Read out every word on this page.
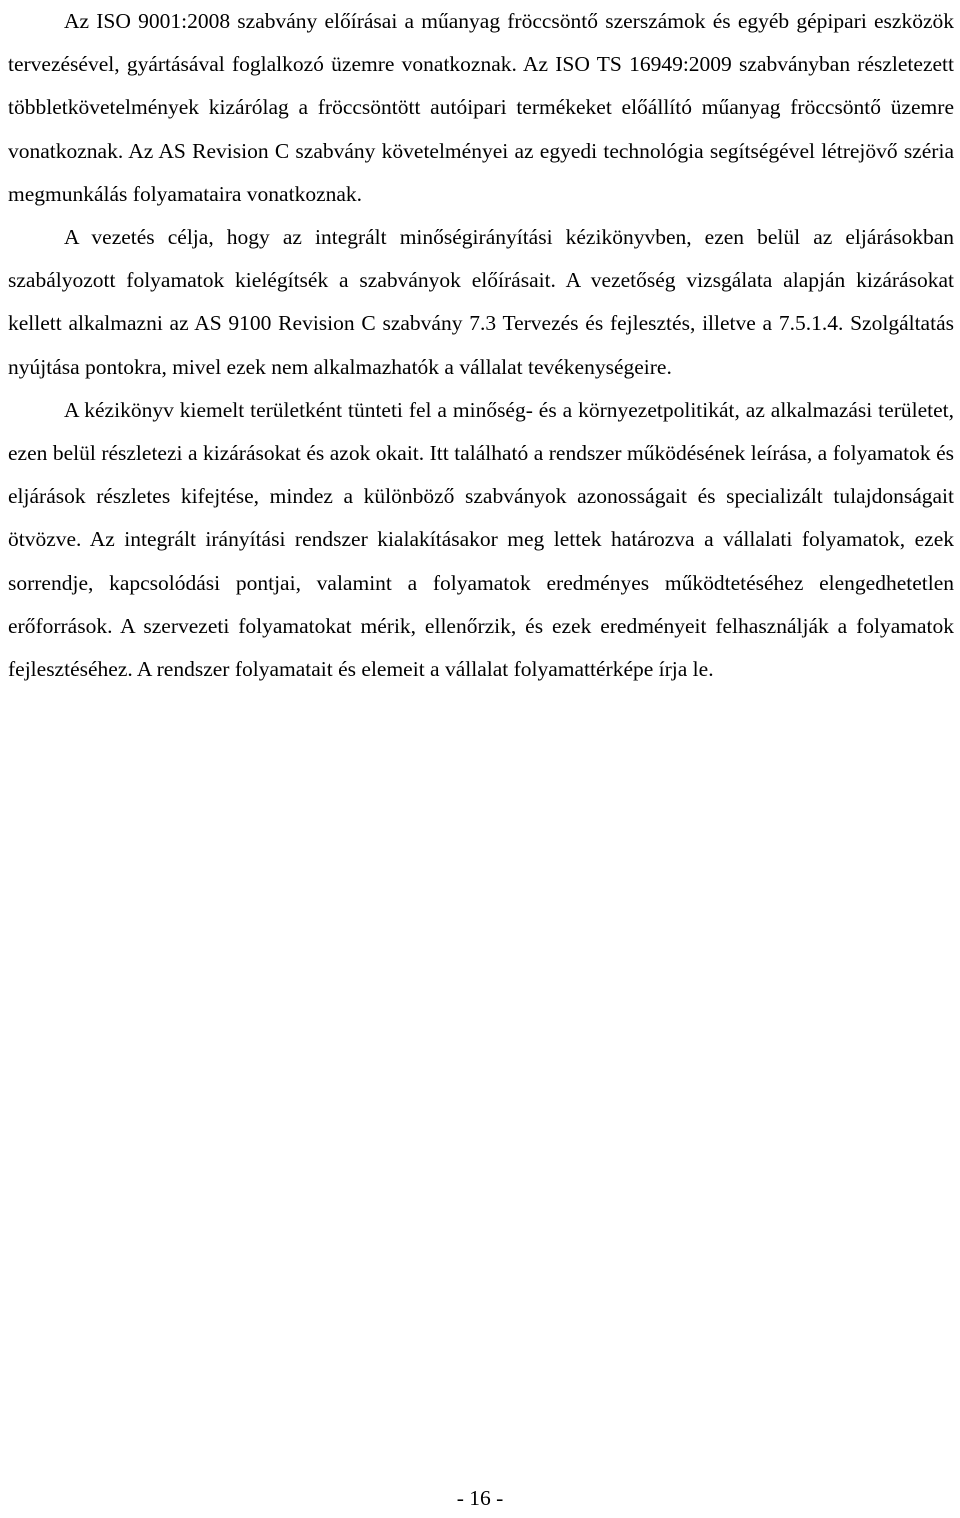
Az ISO 9001:2008 szabvány előírásai a műanyag fröccsöntő szerszámok és egyéb gépipari eszközök tervezésével, gyártásával foglalkozó üzemre vonatkoznak. Az ISO TS 16949:2009 szabványban részletezett többletkövetelmények kizárólag a fröccsöntött autóipari termékeket előállító műanyag fröccsöntő üzemre vonatkoznak. Az AS Revision C szabvány követelményei az egyedi technológia segítségével létrejövő széria megmunkálás folyamataira vonatkoznak.

A vezetés célja, hogy az integrált minőségirányítási kézikönyvben, ezen belül az eljárásokban szabályozott folyamatok kielégítsék a szabványok előírásait. A vezetőség vizsgálata alapján kizárásokat kellett alkalmazni az AS 9100 Revision C szabvány 7.3 Tervezés és fejlesztés, illetve a 7.5.1.4. Szolgáltatás nyújtása pontokra, mivel ezek nem alkalmazhatók a vállalat tevékenységeire.

A kézikönyv kiemelt területként tünteti fel a minőség- és a környezetpolitikát, az alkalmazási területet, ezen belül részletezi a kizárásokat és azok okait. Itt található a rendszer működésének leírása, a folyamatok és eljárások részletes kifejtése, mindez a különböző szabványok azonosságait és specializált tulajdonságait ötvözve. Az integrált irányítási rendszer kialakításakor meg lettek határozva a vállalati folyamatok, ezek sorrendje, kapcsolódási pontjai, valamint a folyamatok eredményes működtetéséhez elengedhetetlen erőforrások. A szervezeti folyamatokat mérik, ellenőrzik, és ezek eredményeit felhasználják a folyamatok fejlesztéséhez. A rendszer folyamatait és elemeit a vállalat folyamattérképe írja le.

- 16 -
